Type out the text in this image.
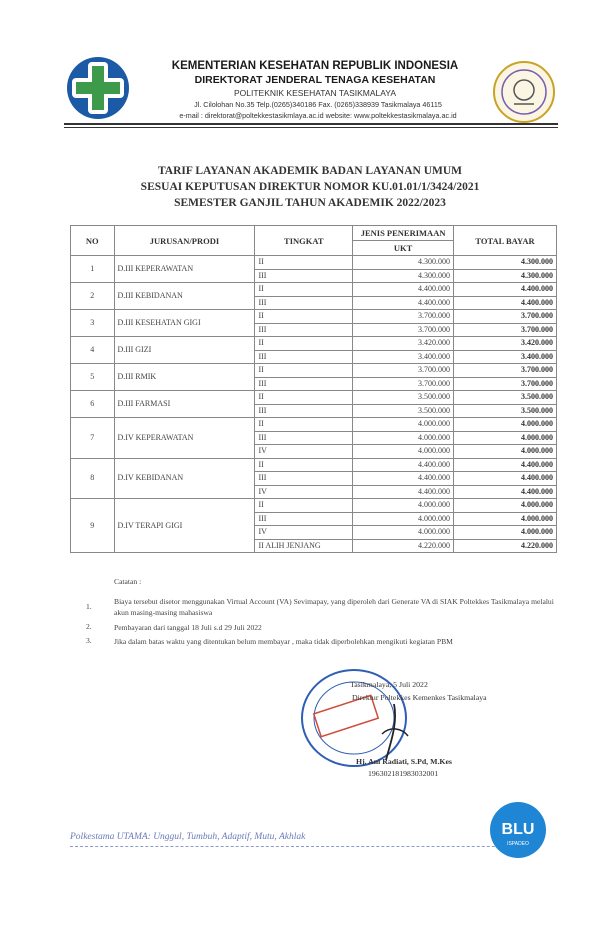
KEMENTERIAN KESEHATAN REPUBLIK INDONESIA
DIREKTORAT JENDERAL TENAGA KESEHATAN
POLITEKNIK KESEHATAN TASIKMALAYA
Jl. Cilolohan No.35 Telp.(0265)340186 Fax. (0265)338939 Tasikmalaya 46115
e-mail : direktorat@poltekkestasikmlaya.ac.id website: www.poltekkestasikmalaya.ac.id
TARIF LAYANAN AKADEMIK BADAN LAYANAN UMUM
SESUAI KEPUTUSAN DIREKTUR NOMOR KU.01.01/1/3424/2021
SEMESTER GANJIL TAHUN AKADEMIK 2022/2023
NO	JURUSAN/PRODI	TINGKAT	JENIS PENERIMAAN	TOTAL BAYAR
			UKT	
1	D.III KEPERAWATAN	II	4.300.000	4.300.000
		III	4.300.000	4.300.000
2	D.III KEBIDANAN	II	4.400.000	4.400.000
		III	4.400.000	4.400.000
3	D.III KESEHATAN GIGI	II	3.700.000	3.700.000
		III	3.700.000	3.700.000
4	D.III GIZI	II	3.420.000	3.420.000
		III	3.400.000	3.400.000
5	D.III RMIK	II	3.700.000	3.700.000
		III	3.700.000	3.700.000
6	D.III FARMASI	II	3.500.000	3.500.000
		III	3.500.000	3.500.000
7	D.IV KEPERAWATAN	II	4.000.000	4.000.000
		III	4.000.000	4.000.000
		IV	4.000.000	4.000.000
8	D.IV KEBIDANAN	II	4.400.000	4.400.000
		III	4.400.000	4.400.000
		IV	4.400.000	4.400.000
9	D.IV TERAPI GIGI	II	4.000.000	4.000.000
		III	4.000.000	4.000.000
		IV	4.000.000	4.000.000
		II ALIH JENJANG	4.220.000	4.220.000
Catatan :
1.
Biaya tersebut disetor menggunakan Virtual Account (VA) Sevimapay, yang diperoleh dari Generate VA di SIAK Poltekkes Tasikmalaya melalui akun masing-masing mahasiswa
2.	Pembayaran dari tanggal 18 Juli s.d 29 Juli 2022
3.	Jika dalam batas waktu yang ditentukan belum membayar , maka tidak diperbolehkan mengikuti kegiatan PBM
Tasikmalaya, 5 Juli 2022
Direktur Poltekkes Kemenkes Tasikmalaya
Hj. Ani Radiati, S.Pd, M.Kes
196302181983032001
Polkestama UTAMA: Unggul, Tumbuh, Adaptif, Mutu, Akhlak	BLU
ISPADEO
